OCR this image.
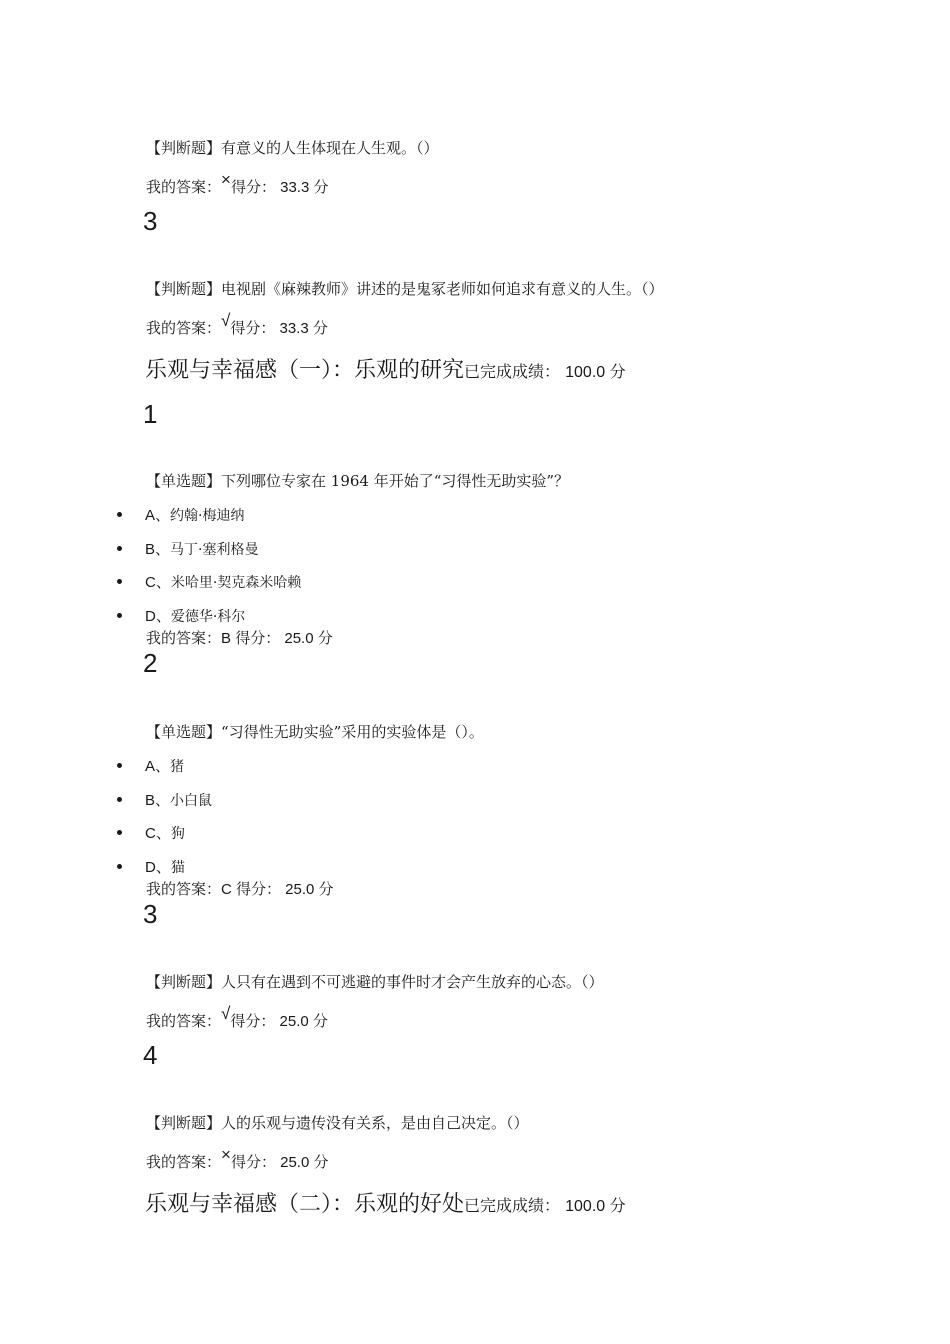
【判断题】有意义的人生体现在人生观。（）
我的答案：×得分： 33.3 分
3
【判断题】电视剧《麻辣教师》讲述的是鬼冢老师如何追求有意义的人生。（）
我的答案：√得分： 33.3 分
乐观与幸福感（一）：乐观的研究已完成成绩： 100.0 分
1
【单选题】下列哪位专家在 1964 年开始了“习得性无助实验”？
A、约翰·梅迪纳
B、马丁·塞利格曼
C、米哈里·契克森米哈赖
D、爱德华·科尔
我的答案：B 得分： 25.0 分
2
【单选题】“习得性无助实验”采用的实验体是（）。
A、猪
B、小白鼠
C、狗
D、猫
我的答案：C 得分： 25.0 分
3
【判断题】人只有在遇到不可逃避的事件时才会产生放弃的心态。（）
我的答案：√得分： 25.0 分
4
【判断题】人的乐观与遗传没有关系，是由自己决定。（）
我的答案：×得分： 25.0 分
乐观与幸福感（二）：乐观的好处已完成成绩： 100.0 分
